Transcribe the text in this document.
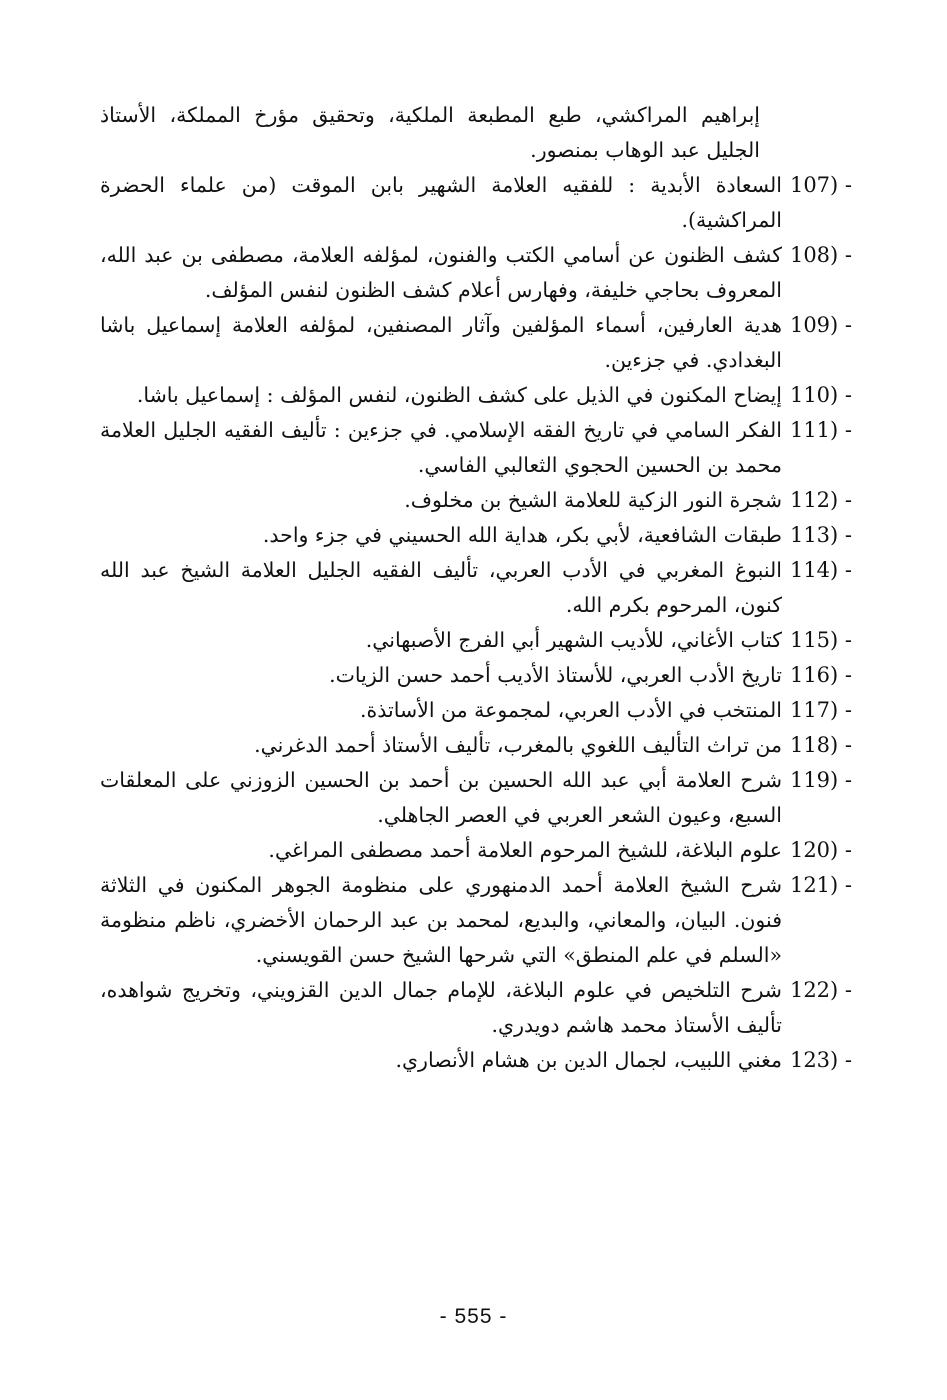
إبراهيم المراكشي، طبع المطبعة الملكية، وتحقيق مؤرخ المملكة، الأستاذ الجليل عبد الوهاب بمنصور.
107) -
السعادة الأبدية : للفقيه العلامة الشهير بابن الموقت (من علماء الحضرة المراكشية).
108) -
كشف الظنون عن أسامي الكتب والفنون، لمؤلفه العلامة، مصطفى بن عبد الله، المعروف بحاجي خليفة، وفهارس أعلام كشف الظنون لنفس المؤلف.
109) -
هدية العارفين، أسماء المؤلفين وآثار المصنفين، لمؤلفه العلامة إسماعيل باشا البغدادي. في جزءين.
110) -
إيضاح المكنون في الذيل على كشف الظنون، لنفس المؤلف : إسماعيل باشا.
111) -
الفكر السامي في تاريخ الفقه الإسلامي. في جزءين : تأليف الفقيه الجليل العلامة محمد بن الحسين الحجوي الثعالبي الفاسي.
112) -
شجرة النور الزكية للعلامة الشيخ بن مخلوف.
113) -
طبقات الشافعية، لأبي بكر، هداية الله الحسيني في جزء واحد.
114) -
النبوغ المغربي في الأدب العربي، تأليف الفقيه الجليل العلامة الشيخ عبد الله كنون، المرحوم بكرم الله.
115) -
كتاب الأغاني، للأديب الشهير أبي الفرج الأصبهاني.
116) -
تاريخ الأدب العربي، للأستاذ الأديب أحمد حسن الزيات.
117) -
المنتخب في الأدب العربي، لمجموعة من الأساتذة.
118) -
من تراث التأليف اللغوي بالمغرب، تأليف الأستاذ أحمد الدغرني.
119) -
شرح العلامة أبي عبد الله الحسين بن أحمد بن الحسين الزوزني على المعلقات السبع، وعيون الشعر العربي في العصر الجاهلي.
120) -
علوم البلاغة، للشيخ المرحوم العلامة أحمد مصطفى المراغي.
121) -
شرح الشيخ العلامة أحمد الدمنهوري على منظومة الجوهر المكنون في الثلاثة فنون. البيان، والمعاني، والبديع، لمحمد بن عبد الرحمان الأخضري، ناظم منظومة «السلم في علم المنطق» التي شرحها الشيخ حسن القويسني.
122) -
شرح التلخيص في علوم البلاغة، للإمام جمال الدين القزويني، وتخريج شواهده، تأليف الأستاذ محمد هاشم دويدري.
123) -
مغني اللبيب، لجمال الدين بن هشام الأنصاري.
- 555 -
